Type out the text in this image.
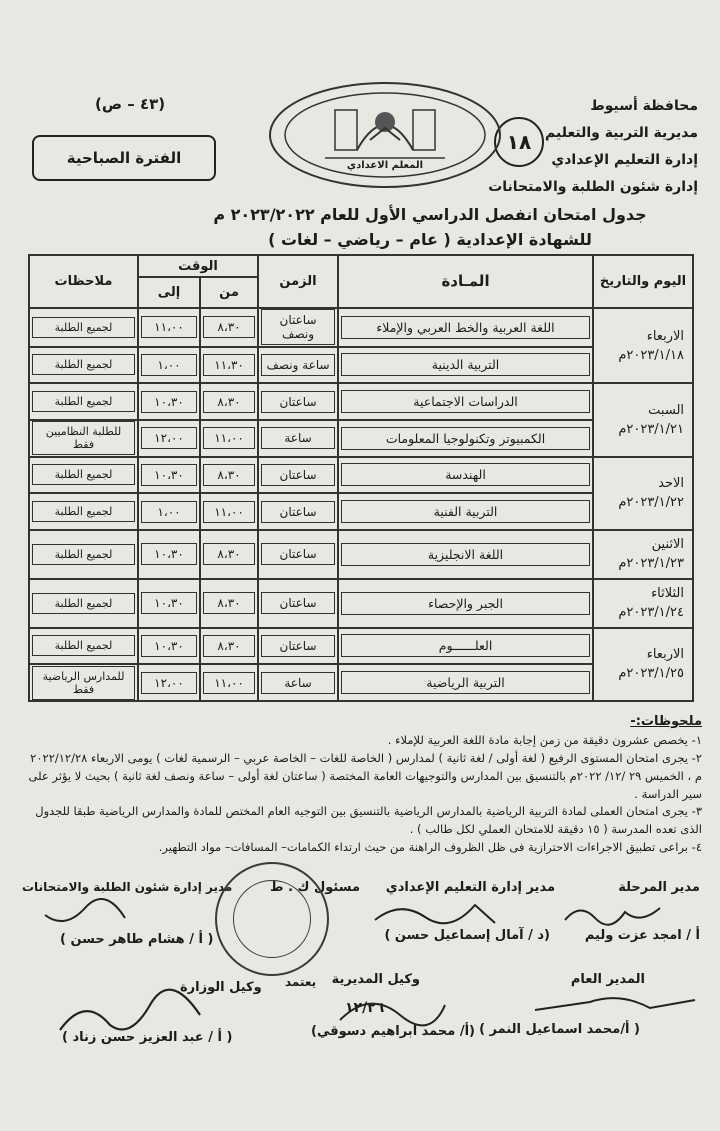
محافظة أسيوط
مديرية التربية والتعليم
إدارة التعليم الإعدادي
إدارة شئون الطلبة والامتحانات
١٨
المعلم الاعدادي
(٤٣ – ص)
الفترة الصباحية
جدول امتحان انفصل الدراسي الأول للعام ٢٠٢٣/٢٠٢٢ م
للشهادة الإعدادية ( عام – رياضي – لغات )
اليوم والتاريخ	المـادة	الزمن	الوقت		ملاحظات
			من	إلى	
الاربعاء
٢٠٢٣/١/١٨م	اللغة العربية والخط العربي والإملاء	ساعتان ونصف	٨،٣٠	١١،٠٠	لجميع الطلبة

	التربية الدينية	ساعة ونصف	١١،٣٠	١،٠٠	لجميع الطلبة

السبت
٢٠٢٣/١/٢١م	الدراسات الاجتماعية	ساعتان	٨،٣٠	١٠،٣٠	لجميع الطلبة

	الكمبيوتر وتكنولوجيا المعلومات	ساعة	١١،٠٠	١٢،٠٠	للطلبة النظاميين فقط

الاحد
٢٠٢٣/١/٢٢م	الهندسة	ساعتان	٨،٣٠	١٠،٣٠	لجميع الطلبة

	التربية الفنية	ساعتان	١١،٠٠	١،٠٠	لجميع الطلبة

الاثنين
٢٠٢٣/١/٢٣م	اللغة الانجليزية	ساعتان	٨،٣٠	١٠،٣٠	لجميع الطلبة

الثلاثاء
٢٠٢٣/١/٢٤م	الجبر والإحصاء	ساعتان	٨،٣٠	١٠،٣٠	لجميع الطلبة

الاربعاء
٢٠٢٣/١/٢٥م	العلــــــوم	ساعتان	٨،٣٠	١٠،٣٠	لجميع الطلبة

	التربية الرياضية	ساعة	١١،٠٠	١٢،٠٠	للمدارس الرياضية فقط
ملحوظات:-
١- يخصص عشرون دقيقة من زمن إجابة مادة اللغة العربية للإملاء .
٢- يجرى امتحان المستوى الرفيع ( لغة أولى / لغة ثانية ) لمدارس ( الخاصة للغات – الخاصة عربي – الرسمية لغات ) يومى الاربعاء ٢٠٢٢/١٢/٢٨ م ، الخميس ٢٩ /١٢/ ٢٠٢٢م بالتنسيق بين المدارس والتوجيهات العامة المختصة ( ساعتان لغة أولى – ساعة ونصف لغة ثانية ) بحيث لا يؤثر على سير الدراسة .
٣- يجرى امتحان العملى لمادة التربية الرياضية بالمدارس الرياضية بالتنسيق بين التوجيه العام المختص للمادة والمدارس الرياضية طبقا للجدول الذى تعده المدرسة ( ١٥ دقيقة للامتحان العملي لكل طالب ) .
٤- براعى تطبيق الاجراءات الاحترازية فى ظل الظروف الراهنة من حيث ارتداء الكمامات– المسافات– مواد التطهير.
مدير المرحلة
أ / امجد عزت وليم
مدير إدارة التعليم الإعدادي
(د / آمال إسماعيل حسن )
مسئول ك . ط
مدير إدارة شئون الطلبة والامتحانات
( أ / هشام طاهر حسن )
المدير العام
( أ/محمد اسماعيل النمر )
وكيل المديرية
(أ/ محمد ابراهيم دسوقي)
وكيل الوزارة
( أ / عبد العزيز حسن زناد )
يعتمد
١٢/٢٦
